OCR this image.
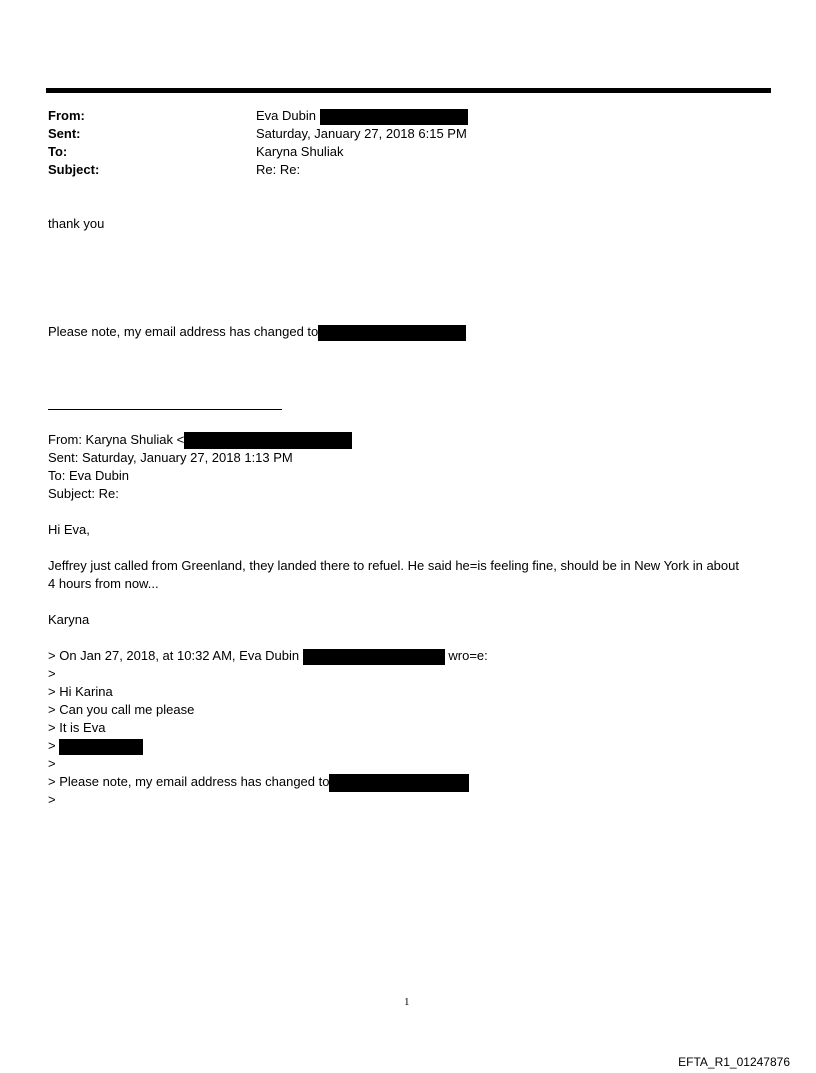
From:	Eva Dubin
Sent:	Saturday, January 27, 2018 6:15 PM
To:	Karyna Shuliak
Subject:	Re: Re:
thank you
Please note, my email address has changed to
From: Karyna Shuliak <
Sent: Saturday, January 27, 2018 1:13 PM
To: Eva Dubin
Subject: Re:
Hi Eva,
Jeffrey just called from Greenland, they landed there to refuel. He said he=is feeling fine, should be in New York in about
4 hours from now...
Karyna
> On Jan 27, 2018, at 10:32 AM, Eva Dubin	wro=e:
>
> Hi Karina
> Can you call me please
> It is Eva
>
>
> Please note, my email address has changed to
>
1
EFTA_R1_01247876
